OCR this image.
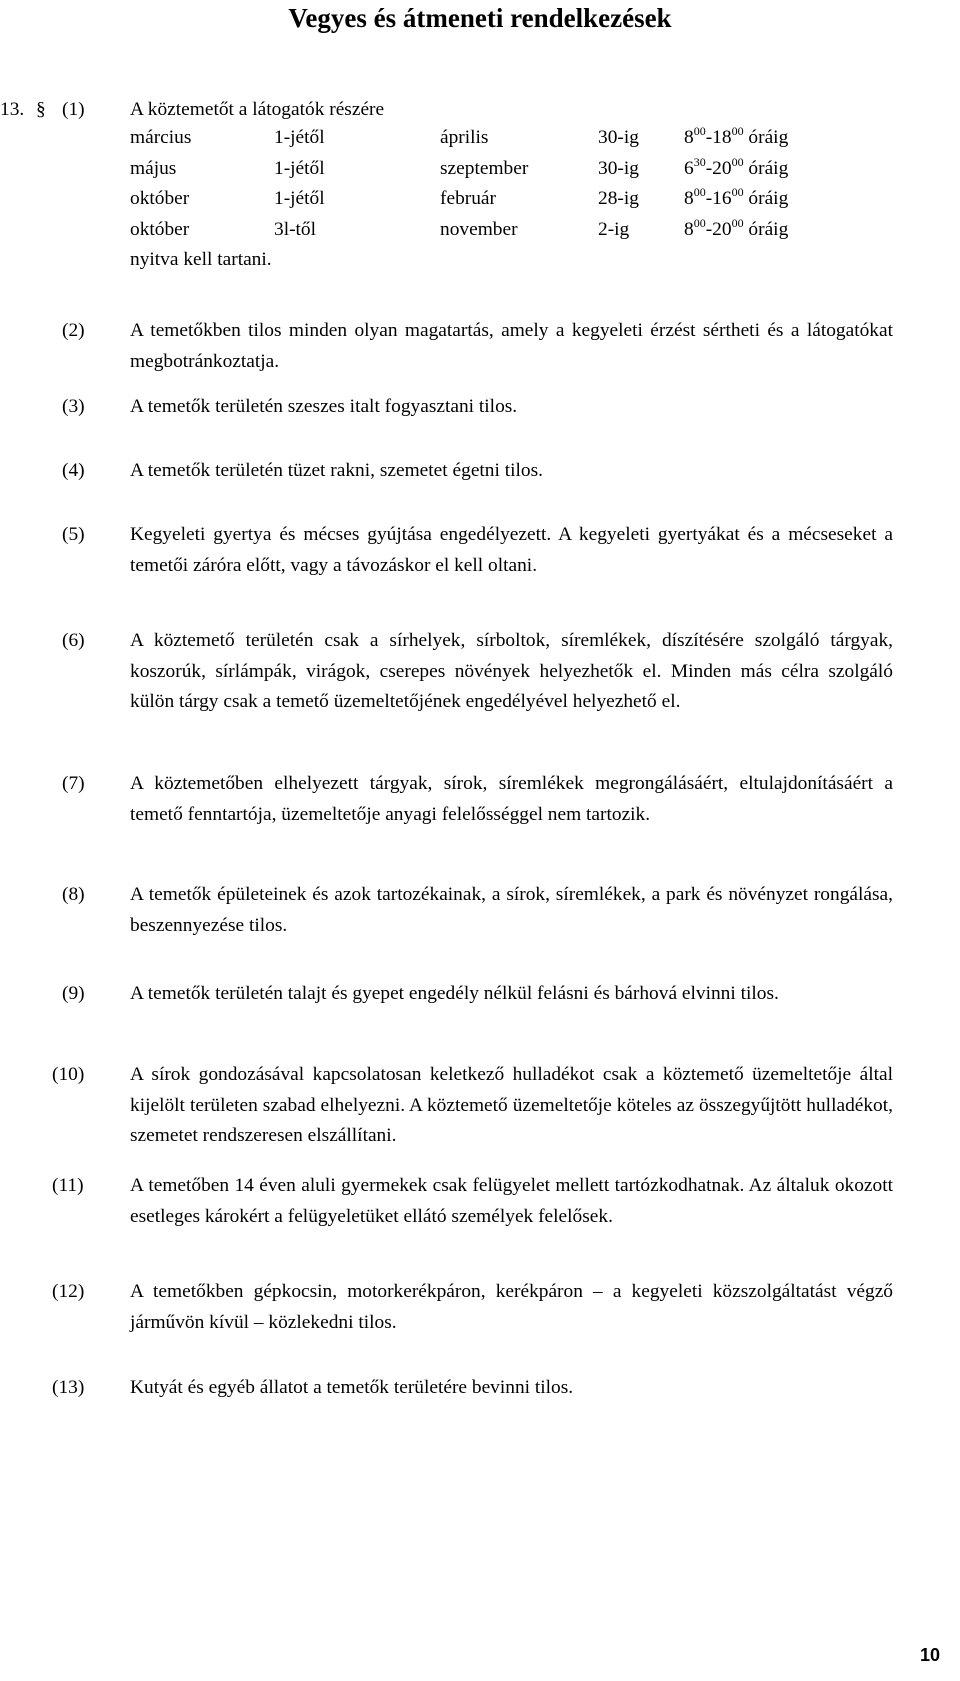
Vegyes és átmeneti rendelkezések
13. § (1) A köztemetőt a látogatók részére
március	1-jétől	április	30-ig $8^{00}-18^{00}$ óráig
május	1-jétől	szeptember	30-ig $6^{30}-20^{00}$ óráig
október	1-jétől	február	28-ig $8^{00}-16^{00}$ óráig
október	3l-től	november	2-ig	$8^{00}-20^{00}$ óráig
nyitva kell tartani.
(2) A temetőkben tilos minden olyan magatartás, amely a kegyeleti érzést sértheti és a látogatókat megbotránkoztatja.
(3) A temetők területén szeszes italt fogyasztani tilos.
(4) A temetők területén tüzet rakni, szemetet égetni tilos.
(5) Kegyeleti gyertya és mécses gyújtása engedélyezett. A kegyeleti gyertyákat és a mécseseket a temetői záróra előtt, vagy a távozáskor el kell oltani.
(6) A köztemető területén csak a sírhelyek, sírboltok, síremlékek, díszítésére szolgáló tárgyak, koszorúk, sírlámpák, virágok, cserepes növények helyezhetők el. Minden más célra szolgáló külön tárgy csak a temető üzemeltetőjének engedélyével helyezhető el.
(7) A köztemetőben elhelyezett tárgyak, sírok, síremlékek megrongálásáért, eltulajdonításáért a temető fenntartója, üzemeltetője anyagi felelősséggel nem tartozik.
(8) A temetők épületeinek és azok tartozékainak, a sírok, síremlékek, a park és növényzet rongálása, beszennyezése tilos.
(9) A temetők területén talajt és gyepet engedély nélkül felásni és bárhová elvinni tilos.
(10) A sírok gondozásával kapcsolatosan keletkező hulladékot csak a köztemető üzemeltetője által kijelölt területen szabad elhelyezni. A köztemető üzemeltetője köteles az összegyűjtött hulladékot, szemetet rendszeresen elszállítani.
(11) A temetőben 14 éven aluli gyermekek csak felügyelet mellett tartózkodhatnak. Az általuk okozott esetleges károkért a felügyeletüket ellátó személyek felelősek.
(12) A temetőkben gépkocsin, motorkerékpáron, kerékpáron – a kegyeleti közszolgáltatást végző járművön kívül – közlekedni tilos.
(13) Kutyát és egyéb állatot a temetők területére bevinni tilos.
10
